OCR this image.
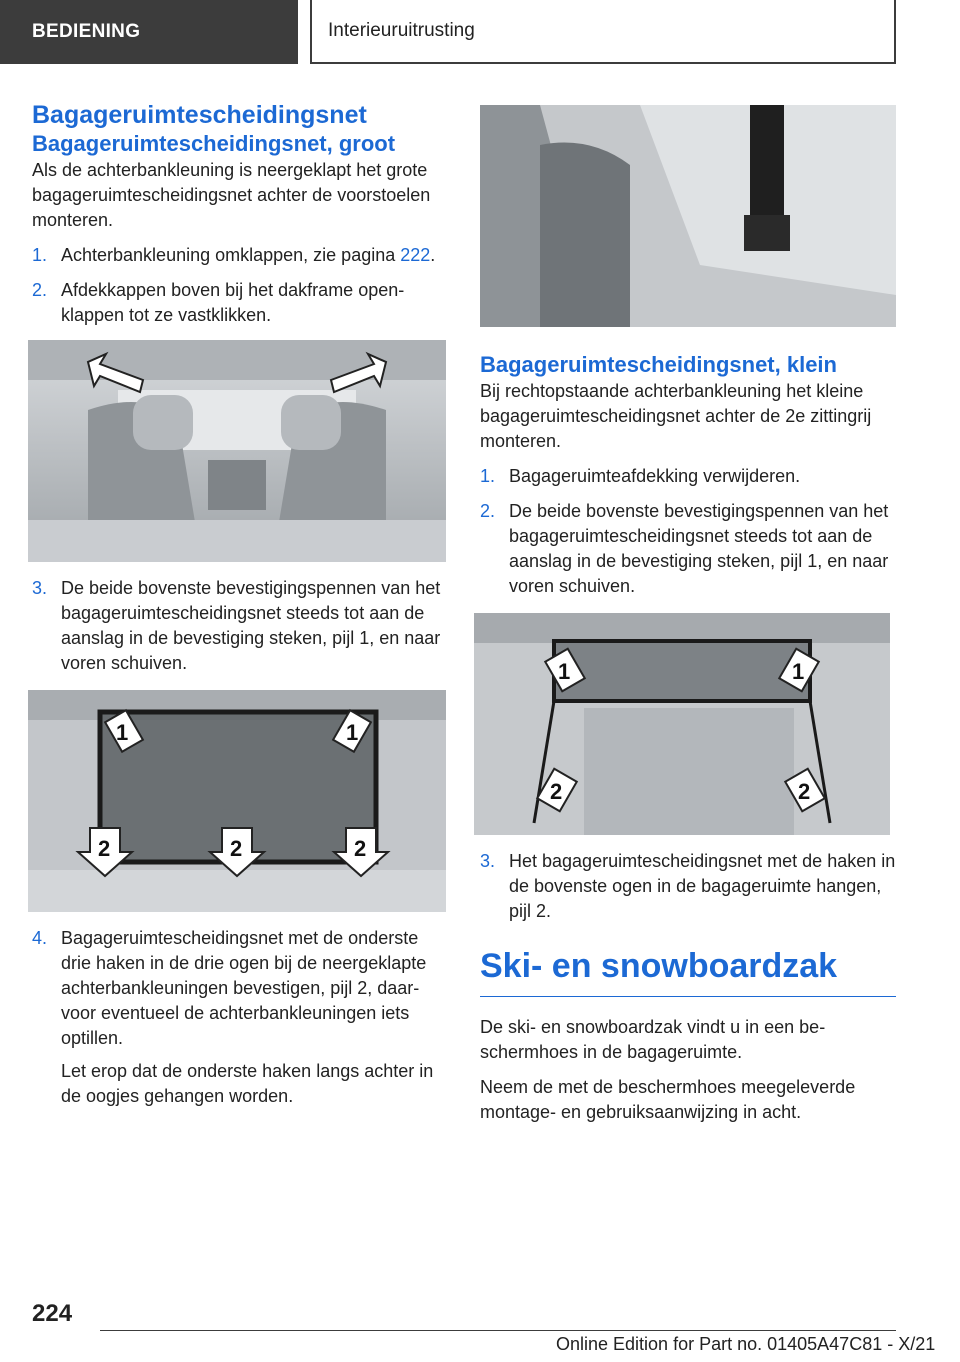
BEDIENING	Interieuruitrusting
Bagageruimtescheidingsnet
Bagageruimtescheidingsnet, groot

Als de achterbankleuning is neergeklapt het grote bagageruimtescheidingsnet achter de voorstoelen monteren.

1. Achterbankleuning omklappen, zie pagina 222.
2. Afdekkappen boven bij het dakframe openklappen tot ze vastklikken.
3. De beide bovenste bevestigingspennen van het bagageruimtescheidingsnet steeds tot aan de aanslag in de bevestiging steken, pijl 1, en naar voren schuiven.
1	1
2	2	2
4. Bagageruimtescheidingsnet met de onderste drie haken in de drie ogen bij de neergeklapte achterbankleuningen bevestigen, pijl 2, daarvoor eventueel de achterbankleuningen iets optillen.
Let erop dat de onderste haken langs achter in de oogjes gehangen worden.
Bagageruimtescheidingsnet, klein

Bij rechtopstaande achterbankleuning het kleine bagageruimtescheidingsnet achter de 2e zittingrij monteren.

1. Bagageruimteafdekking verwijderen.
2. De beide bovenste bevestigingspennen van het bagageruimtescheidingsnet steeds tot aan de aanslag in de bevestiging steken, pijl 1, en naar voren schuiven.
1	1
2	2
3. Het bagageruimtescheidingsnet met de haken in de bovenste ogen in de bagageruimte hangen, pijl 2.
Ski- en snowboardzak

De ski- en snowboardzak vindt u in een beschermhoes in de bagageruimte.

Neem de met de beschermhoes meegeleverde montage- en gebruiksaanwijzing in acht.

224
Online Edition for Part no. 01405A47C81 - X/21
